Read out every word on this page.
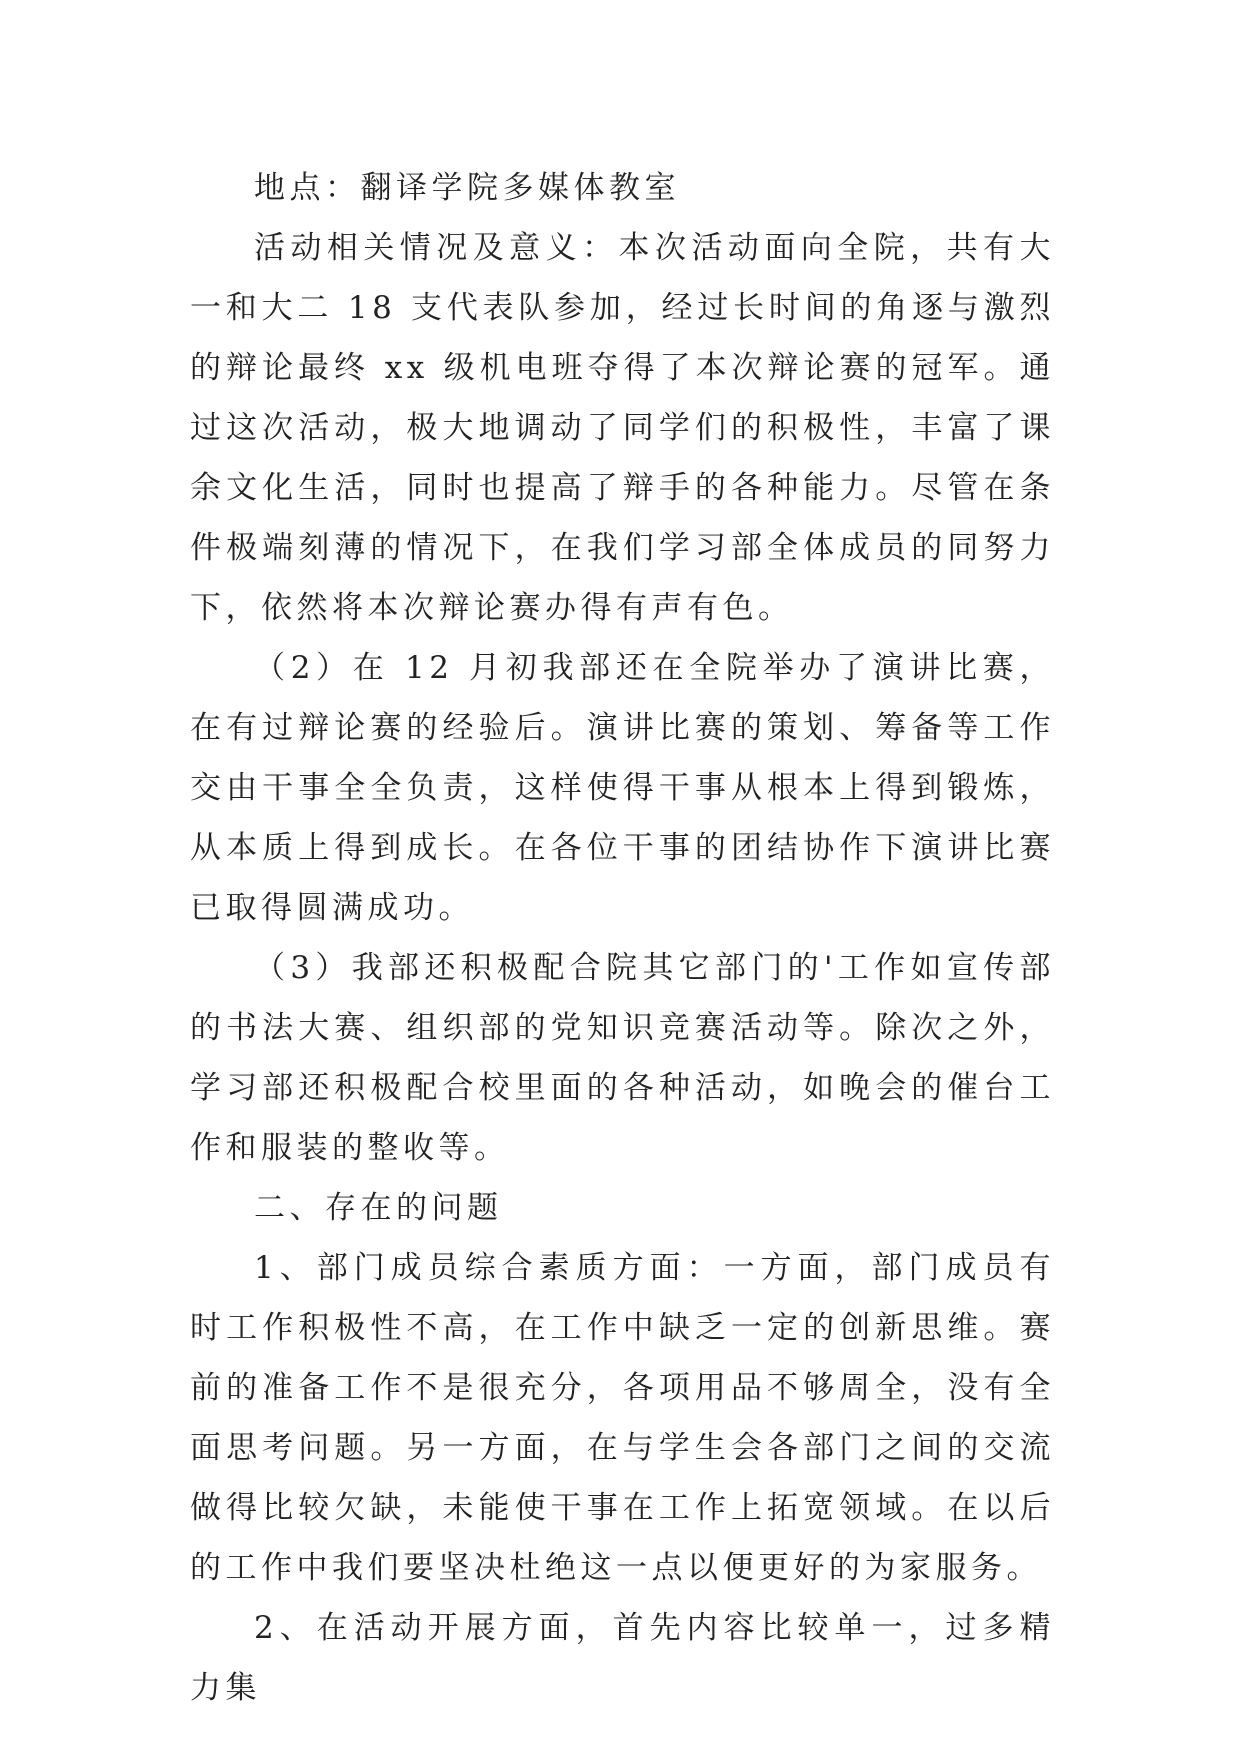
地点：翻译学院多媒体教室

活动相关情况及意义：本次活动面向全院，共有大一和大二 18 支代表队参加，经过长时间的角逐与激烈的辩论最终 xx 级机电班夺得了本次辩论赛的冠军。通过这次活动，极大地调动了同学们的积极性，丰富了课余文化生活，同时也提高了辩手的各种能力。尽管在条件极端刻薄的情况下，在我们学习部全体成员的同努力下，依然将本次辩论赛办得有声有色。

（2）在 12 月初我部还在全院举办了演讲比赛，在有过辩论赛的经验后。演讲比赛的策划、筹备等工作交由干事全全负责，这样使得干事从根本上得到锻炼，从本质上得到成长。在各位干事的团结协作下演讲比赛已取得圆满成功。

（3）我部还积极配合院其它部门的'工作如宣传部的书法大赛、组织部的党知识竞赛活动等。除次之外，学习部还积极配合校里面的各种活动，如晚会的催台工作和服装的整收等。

二、存在的问题

1、部门成员综合素质方面：一方面，部门成员有时工作积极性不高，在工作中缺乏一定的创新思维。赛前的准备工作不是很充分，各项用品不够周全，没有全面思考问题。另一方面，在与学生会各部门之间的交流做得比较欠缺，未能使干事在工作上拓宽领域。在以后的工作中我们要坚决杜绝这一点以便更好的为家服务。

2、在活动开展方面，首先内容比较单一，过多精力集
